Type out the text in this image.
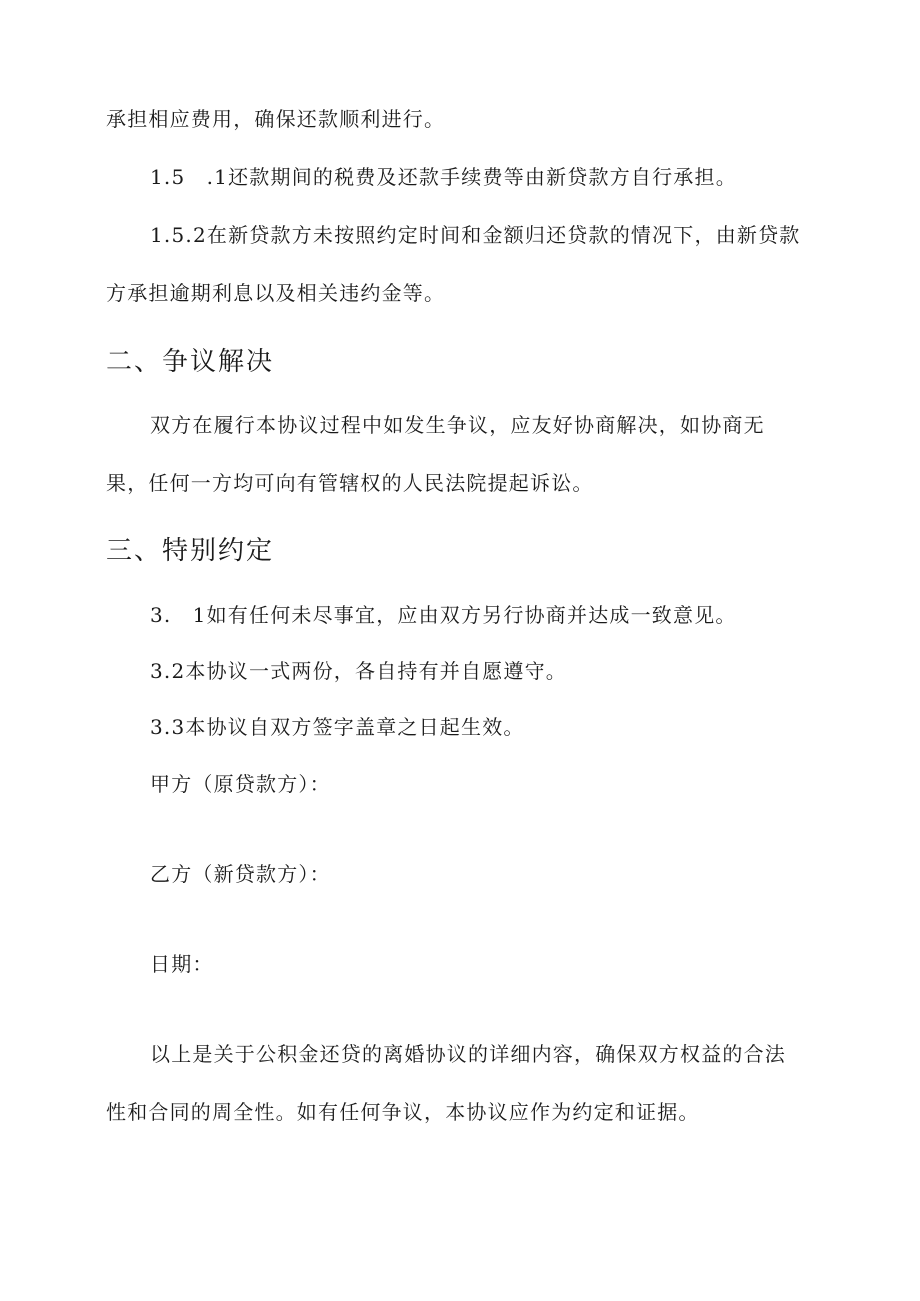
承担相应费用，确保还款顺利进行。
1.5　.1还款期间的税费及还款手续费等由新贷款方自行承担。
1.5.2在新贷款方未按照约定时间和金额归还贷款的情况下，由新贷款
方承担逾期利息以及相关违约金等。
二、争议解决
双方在履行本协议过程中如发生争议，应友好协商解决，如协商无
果，任何一方均可向有管辖权的人民法院提起诉讼。
三、特别约定
3.　1如有任何未尽事宜，应由双方另行协商并达成一致意见。
3.2本协议一式两份，各自持有并自愿遵守。
3.3本协议自双方签字盖章之日起生效。
甲方（原贷款方）：
乙方（新贷款方）：
日期：
以上是关于公积金还贷的离婚协议的详细内容，确保双方权益的合法
性和合同的周全性。如有任何争议，本协议应作为约定和证据。
